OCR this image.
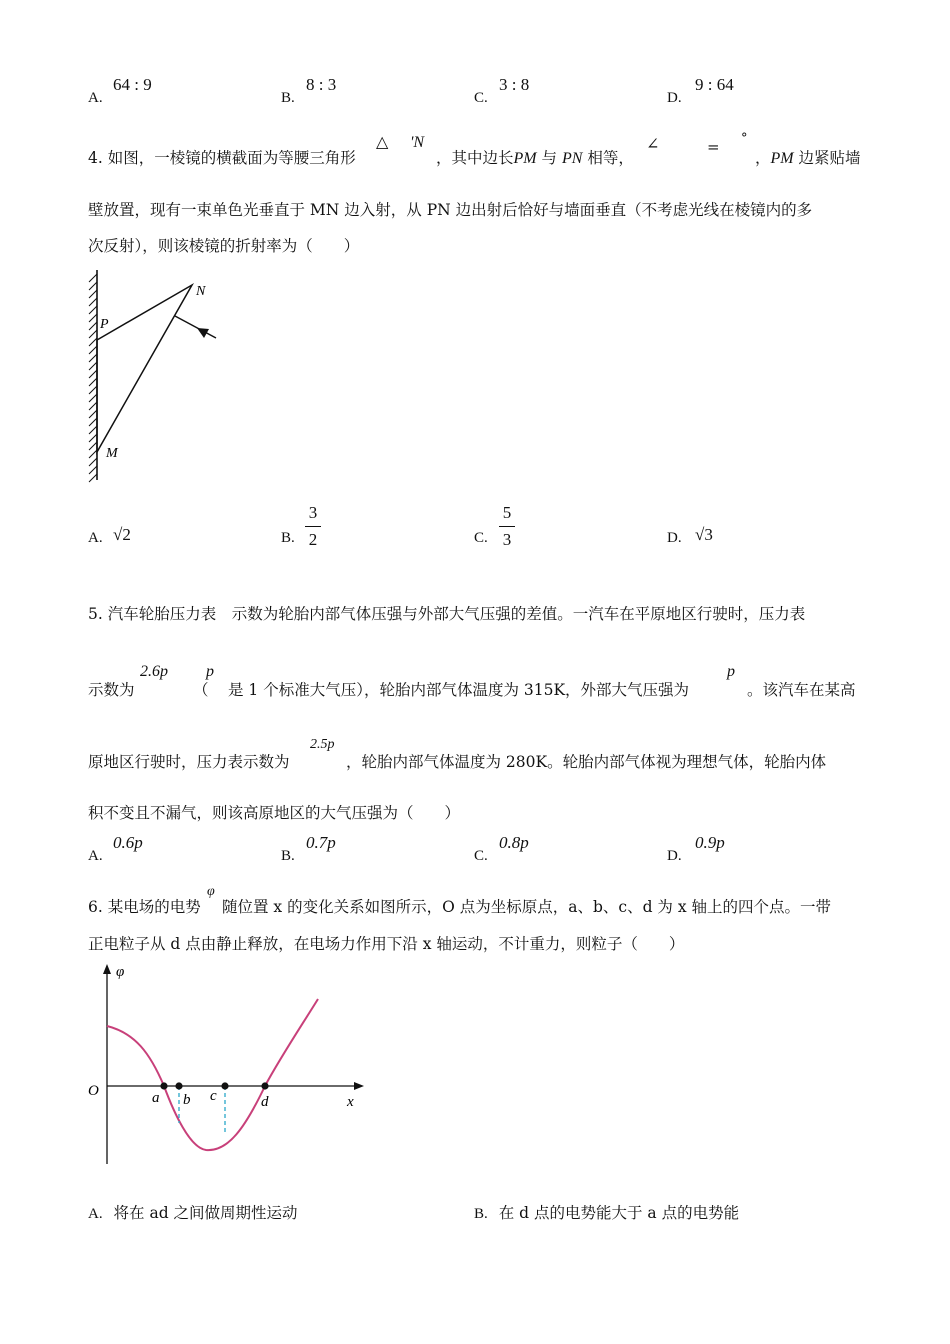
A.
64 : 9
B.
8 : 3
C.
3 : 8
D.
9 : 64
4. 如图，一棱镜的横截面为等腰三角形
△ 'N
，其中边长PM 与 PN 相等，
∠	= °
，PM 边紧贴墙
壁放置，现有一束单色光垂直于 MN 边入射，从 PN 边出射后恰好与墙面垂直（不考虑光线在棱镜内的多
次反射），则该棱镜的折射率为（　　）
N
P
M
A. √2	B.
3
2	C.
5
3	D. √3
5. 汽车轮胎压力表　示数为轮胎内部气体压强与外部大气压强的差值。一汽车在平原地区行驶时，压力表
示数为
2.6p
（
p
是 1 个标准大气压），轮胎内部气体温度为 315K，外部大气压强为
p
。该汽车在某高
原地区行驶时，压力表示数为
2.5p
，轮胎内部气体温度为 280K。轮胎内部气体视为理想气体，轮胎内体
积不变且不漏气，则该高原地区的大气压强为（　　）
A.
0.6p
B.
0.7p
C.
0.8p
D.
0.9p
6. 某电场的电势
φ
随位置 x 的变化关系如图所示，O 点为坐标原点，a、b、c、d 为 x 轴上的四个点。一带
正电粒子从 d 点由静止释放，在电场力作用下沿 x 轴运动，不计重力，则粒子（　　）
φ
O
x
a b c	d
A. 将在 ad 之间做周期性运动	B. 在 d 点的电势能大于 a 点的电势能
